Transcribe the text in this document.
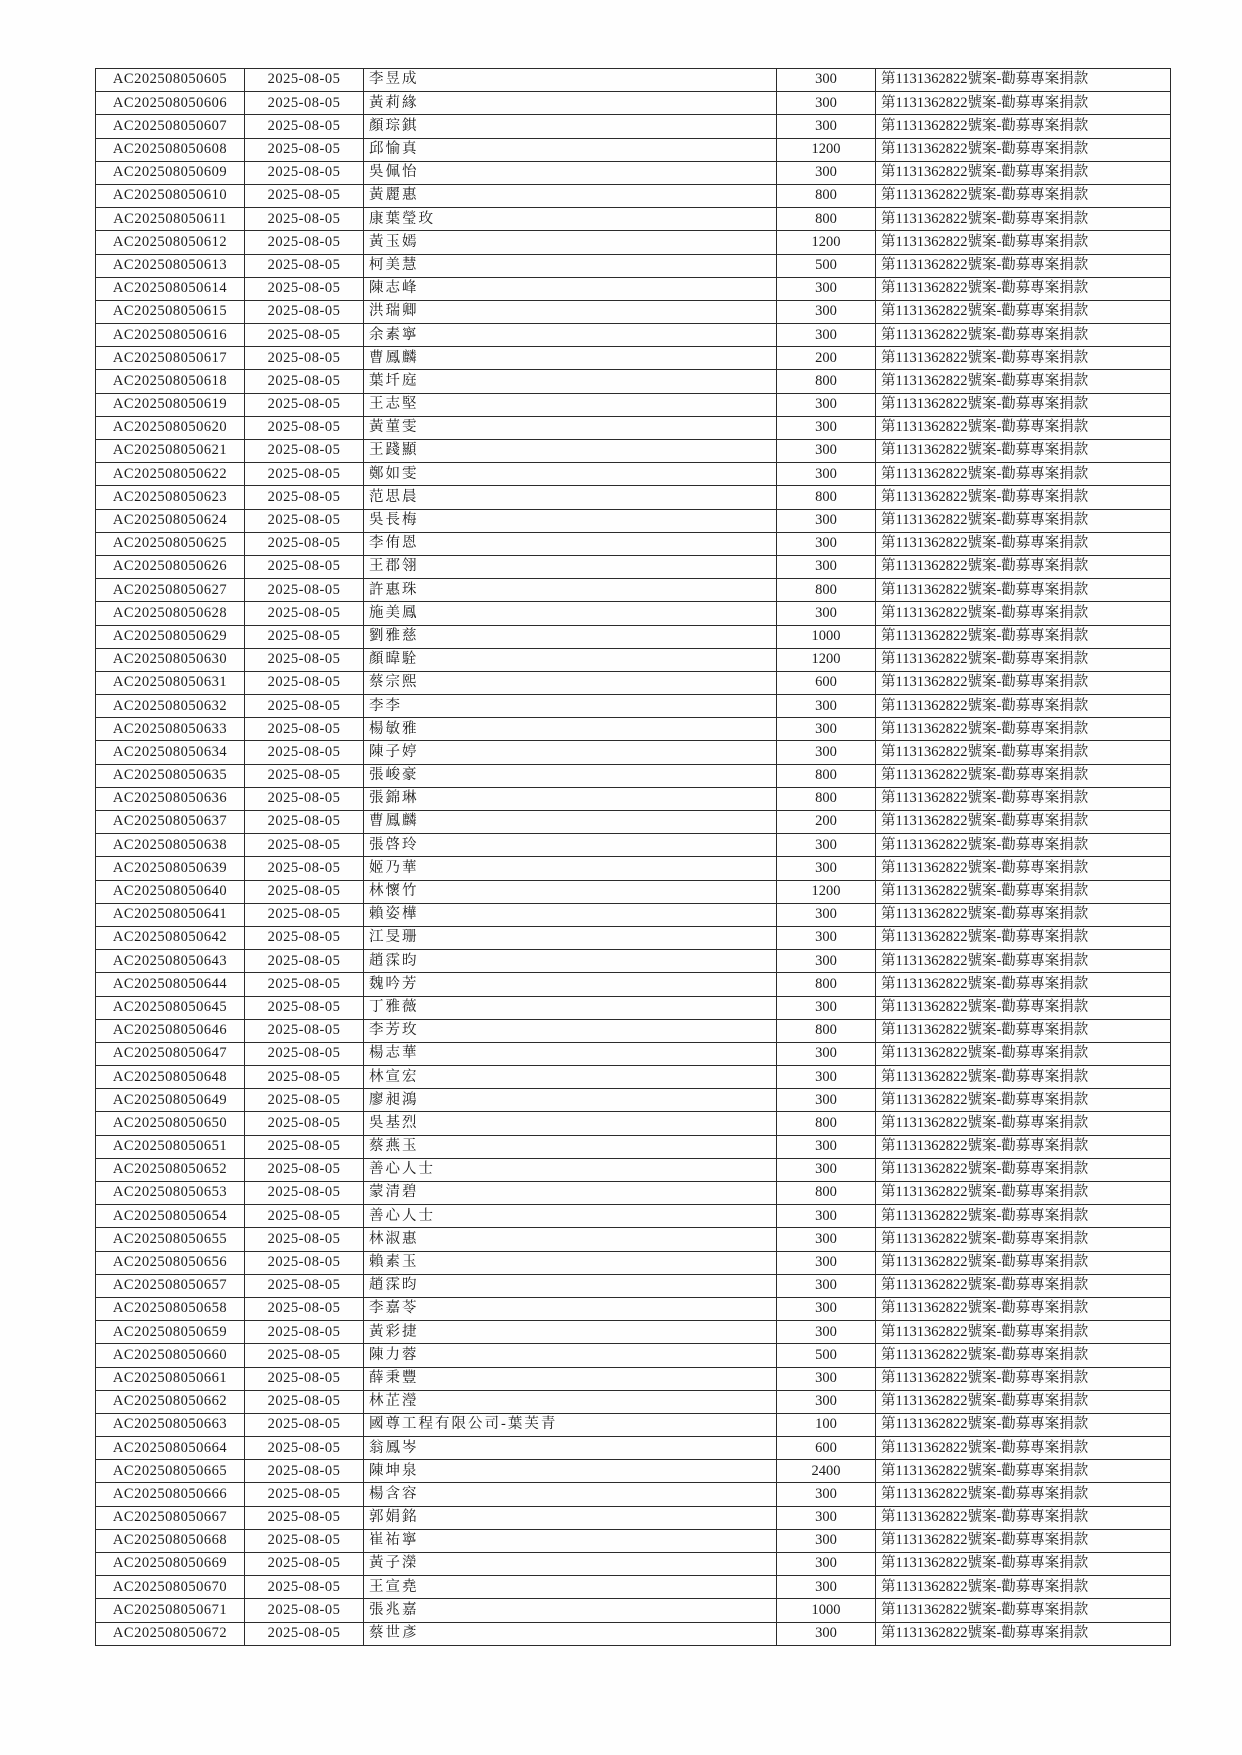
AC202508050605	2025-08-05	李昱成	300	第1131362822號案-勸募專案捐款
AC202508050606	2025-08-05	黃莉緣	300	第1131362822號案-勸募專案捐款
AC202508050607	2025-08-05	顏琮錤	300	第1131362822號案-勸募專案捐款
AC202508050608	2025-08-05	邱愉真	1200	第1131362822號案-勸募專案捐款
AC202508050609	2025-08-05	吳佩怡	300	第1131362822號案-勸募專案捐款
AC202508050610	2025-08-05	黃麗惠	800	第1131362822號案-勸募專案捐款
AC202508050611	2025-08-05	康葉瑩玫	800	第1131362822號案-勸募專案捐款
AC202508050612	2025-08-05	黃玉嫣	1200	第1131362822號案-勸募專案捐款
AC202508050613	2025-08-05	柯美慧	500	第1131362822號案-勸募專案捐款
AC202508050614	2025-08-05	陳志峰	300	第1131362822號案-勸募專案捐款
AC202508050615	2025-08-05	洪瑞卿	300	第1131362822號案-勸募專案捐款
AC202508050616	2025-08-05	余素寧	300	第1131362822號案-勸募專案捐款
AC202508050617	2025-08-05	曹鳳麟	200	第1131362822號案-勸募專案捐款
AC202508050618	2025-08-05	葉圲庭	800	第1131362822號案-勸募專案捐款
AC202508050619	2025-08-05	王志堅	300	第1131362822號案-勸募專案捐款
AC202508050620	2025-08-05	黃菫雯	300	第1131362822號案-勸募專案捐款
AC202508050621	2025-08-05	王踐顯	300	第1131362822號案-勸募專案捐款
AC202508050622	2025-08-05	鄭如雯	300	第1131362822號案-勸募專案捐款
AC202508050623	2025-08-05	范思晨	800	第1131362822號案-勸募專案捐款
AC202508050624	2025-08-05	吳長梅	300	第1131362822號案-勸募專案捐款
AC202508050625	2025-08-05	李侑恩	300	第1131362822號案-勸募專案捐款
AC202508050626	2025-08-05	王郡翎	300	第1131362822號案-勸募專案捐款
AC202508050627	2025-08-05	許惠珠	800	第1131362822號案-勸募專案捐款
AC202508050628	2025-08-05	施美鳳	300	第1131362822號案-勸募專案捐款
AC202508050629	2025-08-05	劉雅慈	1000	第1131362822號案-勸募專案捐款
AC202508050630	2025-08-05	顏暐駩	1200	第1131362822號案-勸募專案捐款
AC202508050631	2025-08-05	蔡宗熙	600	第1131362822號案-勸募專案捐款
AC202508050632	2025-08-05	李李	300	第1131362822號案-勸募專案捐款
AC202508050633	2025-08-05	楊敏雅	300	第1131362822號案-勸募專案捐款
AC202508050634	2025-08-05	陳子婷	300	第1131362822號案-勸募專案捐款
AC202508050635	2025-08-05	張峻豪	800	第1131362822號案-勸募專案捐款
AC202508050636	2025-08-05	張錦琳	800	第1131362822號案-勸募專案捐款
AC202508050637	2025-08-05	曹鳳麟	200	第1131362822號案-勸募專案捐款
AC202508050638	2025-08-05	張啓玲	300	第1131362822號案-勸募專案捐款
AC202508050639	2025-08-05	姬乃華	300	第1131362822號案-勸募專案捐款
AC202508050640	2025-08-05	林懷竹	1200	第1131362822號案-勸募專案捐款
AC202508050641	2025-08-05	賴姿樺	300	第1131362822號案-勸募專案捐款
AC202508050642	2025-08-05	江旻珊	300	第1131362822號案-勸募專案捐款
AC202508050643	2025-08-05	趙霂昀	300	第1131362822號案-勸募專案捐款
AC202508050644	2025-08-05	魏吟芳	800	第1131362822號案-勸募專案捐款
AC202508050645	2025-08-05	丁雅薇	300	第1131362822號案-勸募專案捐款
AC202508050646	2025-08-05	李芳玫	800	第1131362822號案-勸募專案捐款
AC202508050647	2025-08-05	楊志華	300	第1131362822號案-勸募專案捐款
AC202508050648	2025-08-05	林宣宏	300	第1131362822號案-勸募專案捐款
AC202508050649	2025-08-05	廖昶鴻	300	第1131362822號案-勸募專案捐款
AC202508050650	2025-08-05	吳基烈	800	第1131362822號案-勸募專案捐款
AC202508050651	2025-08-05	蔡燕玉	300	第1131362822號案-勸募專案捐款
AC202508050652	2025-08-05	善心人士	300	第1131362822號案-勸募專案捐款
AC202508050653	2025-08-05	蒙清碧	800	第1131362822號案-勸募專案捐款
AC202508050654	2025-08-05	善心人士	300	第1131362822號案-勸募專案捐款
AC202508050655	2025-08-05	林淑惠	300	第1131362822號案-勸募專案捐款
AC202508050656	2025-08-05	賴素玉	300	第1131362822號案-勸募專案捐款
AC202508050657	2025-08-05	趙霂昀	300	第1131362822號案-勸募專案捐款
AC202508050658	2025-08-05	李嘉苓	300	第1131362822號案-勸募專案捐款
AC202508050659	2025-08-05	黃彩捷	300	第1131362822號案-勸募專案捐款
AC202508050660	2025-08-05	陳力蓉	500	第1131362822號案-勸募專案捐款
AC202508050661	2025-08-05	薛秉豐	300	第1131362822號案-勸募專案捐款
AC202508050662	2025-08-05	林芷瀅	300	第1131362822號案-勸募專案捐款
AC202508050663	2025-08-05	國尊工程有限公司-葉芙青	100	第1131362822號案-勸募專案捐款
AC202508050664	2025-08-05	翁鳳岑	600	第1131362822號案-勸募專案捐款
AC202508050665	2025-08-05	陳坤泉	2400	第1131362822號案-勸募專案捐款
AC202508050666	2025-08-05	楊含容	300	第1131362822號案-勸募專案捐款
AC202508050667	2025-08-05	郭娟銘	300	第1131362822號案-勸募專案捐款
AC202508050668	2025-08-05	崔祐寧	300	第1131362822號案-勸募專案捐款
AC202508050669	2025-08-05	黃子濚	300	第1131362822號案-勸募專案捐款
AC202508050670	2025-08-05	王宣堯	300	第1131362822號案-勸募專案捐款
AC202508050671	2025-08-05	張兆嘉	1000	第1131362822號案-勸募專案捐款
AC202508050672	2025-08-05	蔡世彥	300	第1131362822號案-勸募專案捐款
